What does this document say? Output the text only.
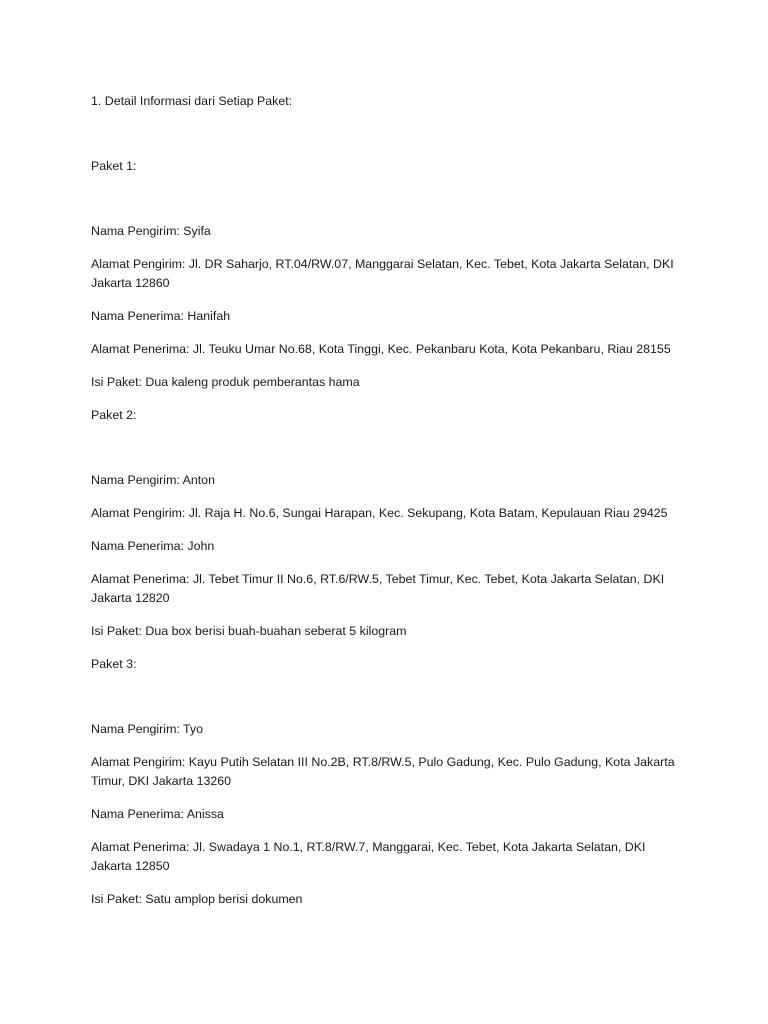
1. Detail Informasi dari Setiap Paket:

Paket 1:

Nama Pengirim: Syifa

Alamat Pengirim: Jl. DR Saharjo, RT.04/RW.07, Manggarai Selatan, Kec. Tebet, Kota Jakarta Selatan, DKI Jakarta 12860

Nama Penerima: Hanifah

Alamat Penerima: Jl. Teuku Umar No.68, Kota Tinggi, Kec. Pekanbaru Kota, Kota Pekanbaru, Riau 28155

Isi Paket: Dua kaleng produk pemberantas hama

Paket 2:

Nama Pengirim: Anton

Alamat Pengirim: Jl. Raja H. No.6, Sungai Harapan, Kec. Sekupang, Kota Batam, Kepulauan Riau 29425

Nama Penerima: John

Alamat Penerima: Jl. Tebet Timur II No.6, RT.6/RW.5, Tebet Timur, Kec. Tebet, Kota Jakarta Selatan, DKI Jakarta 12820

Isi Paket: Dua box berisi buah-buahan seberat 5 kilogram

Paket 3:

Nama Pengirim: Tyo

Alamat Pengirim: Kayu Putih Selatan III No.2B, RT.8/RW.5, Pulo Gadung, Kec. Pulo Gadung, Kota Jakarta Timur, DKI Jakarta 13260

Nama Penerima: Anissa

Alamat Penerima: Jl. Swadaya 1 No.1, RT.8/RW.7, Manggarai, Kec. Tebet, Kota Jakarta Selatan, DKI Jakarta 12850

Isi Paket: Satu amplop berisi dokumen
